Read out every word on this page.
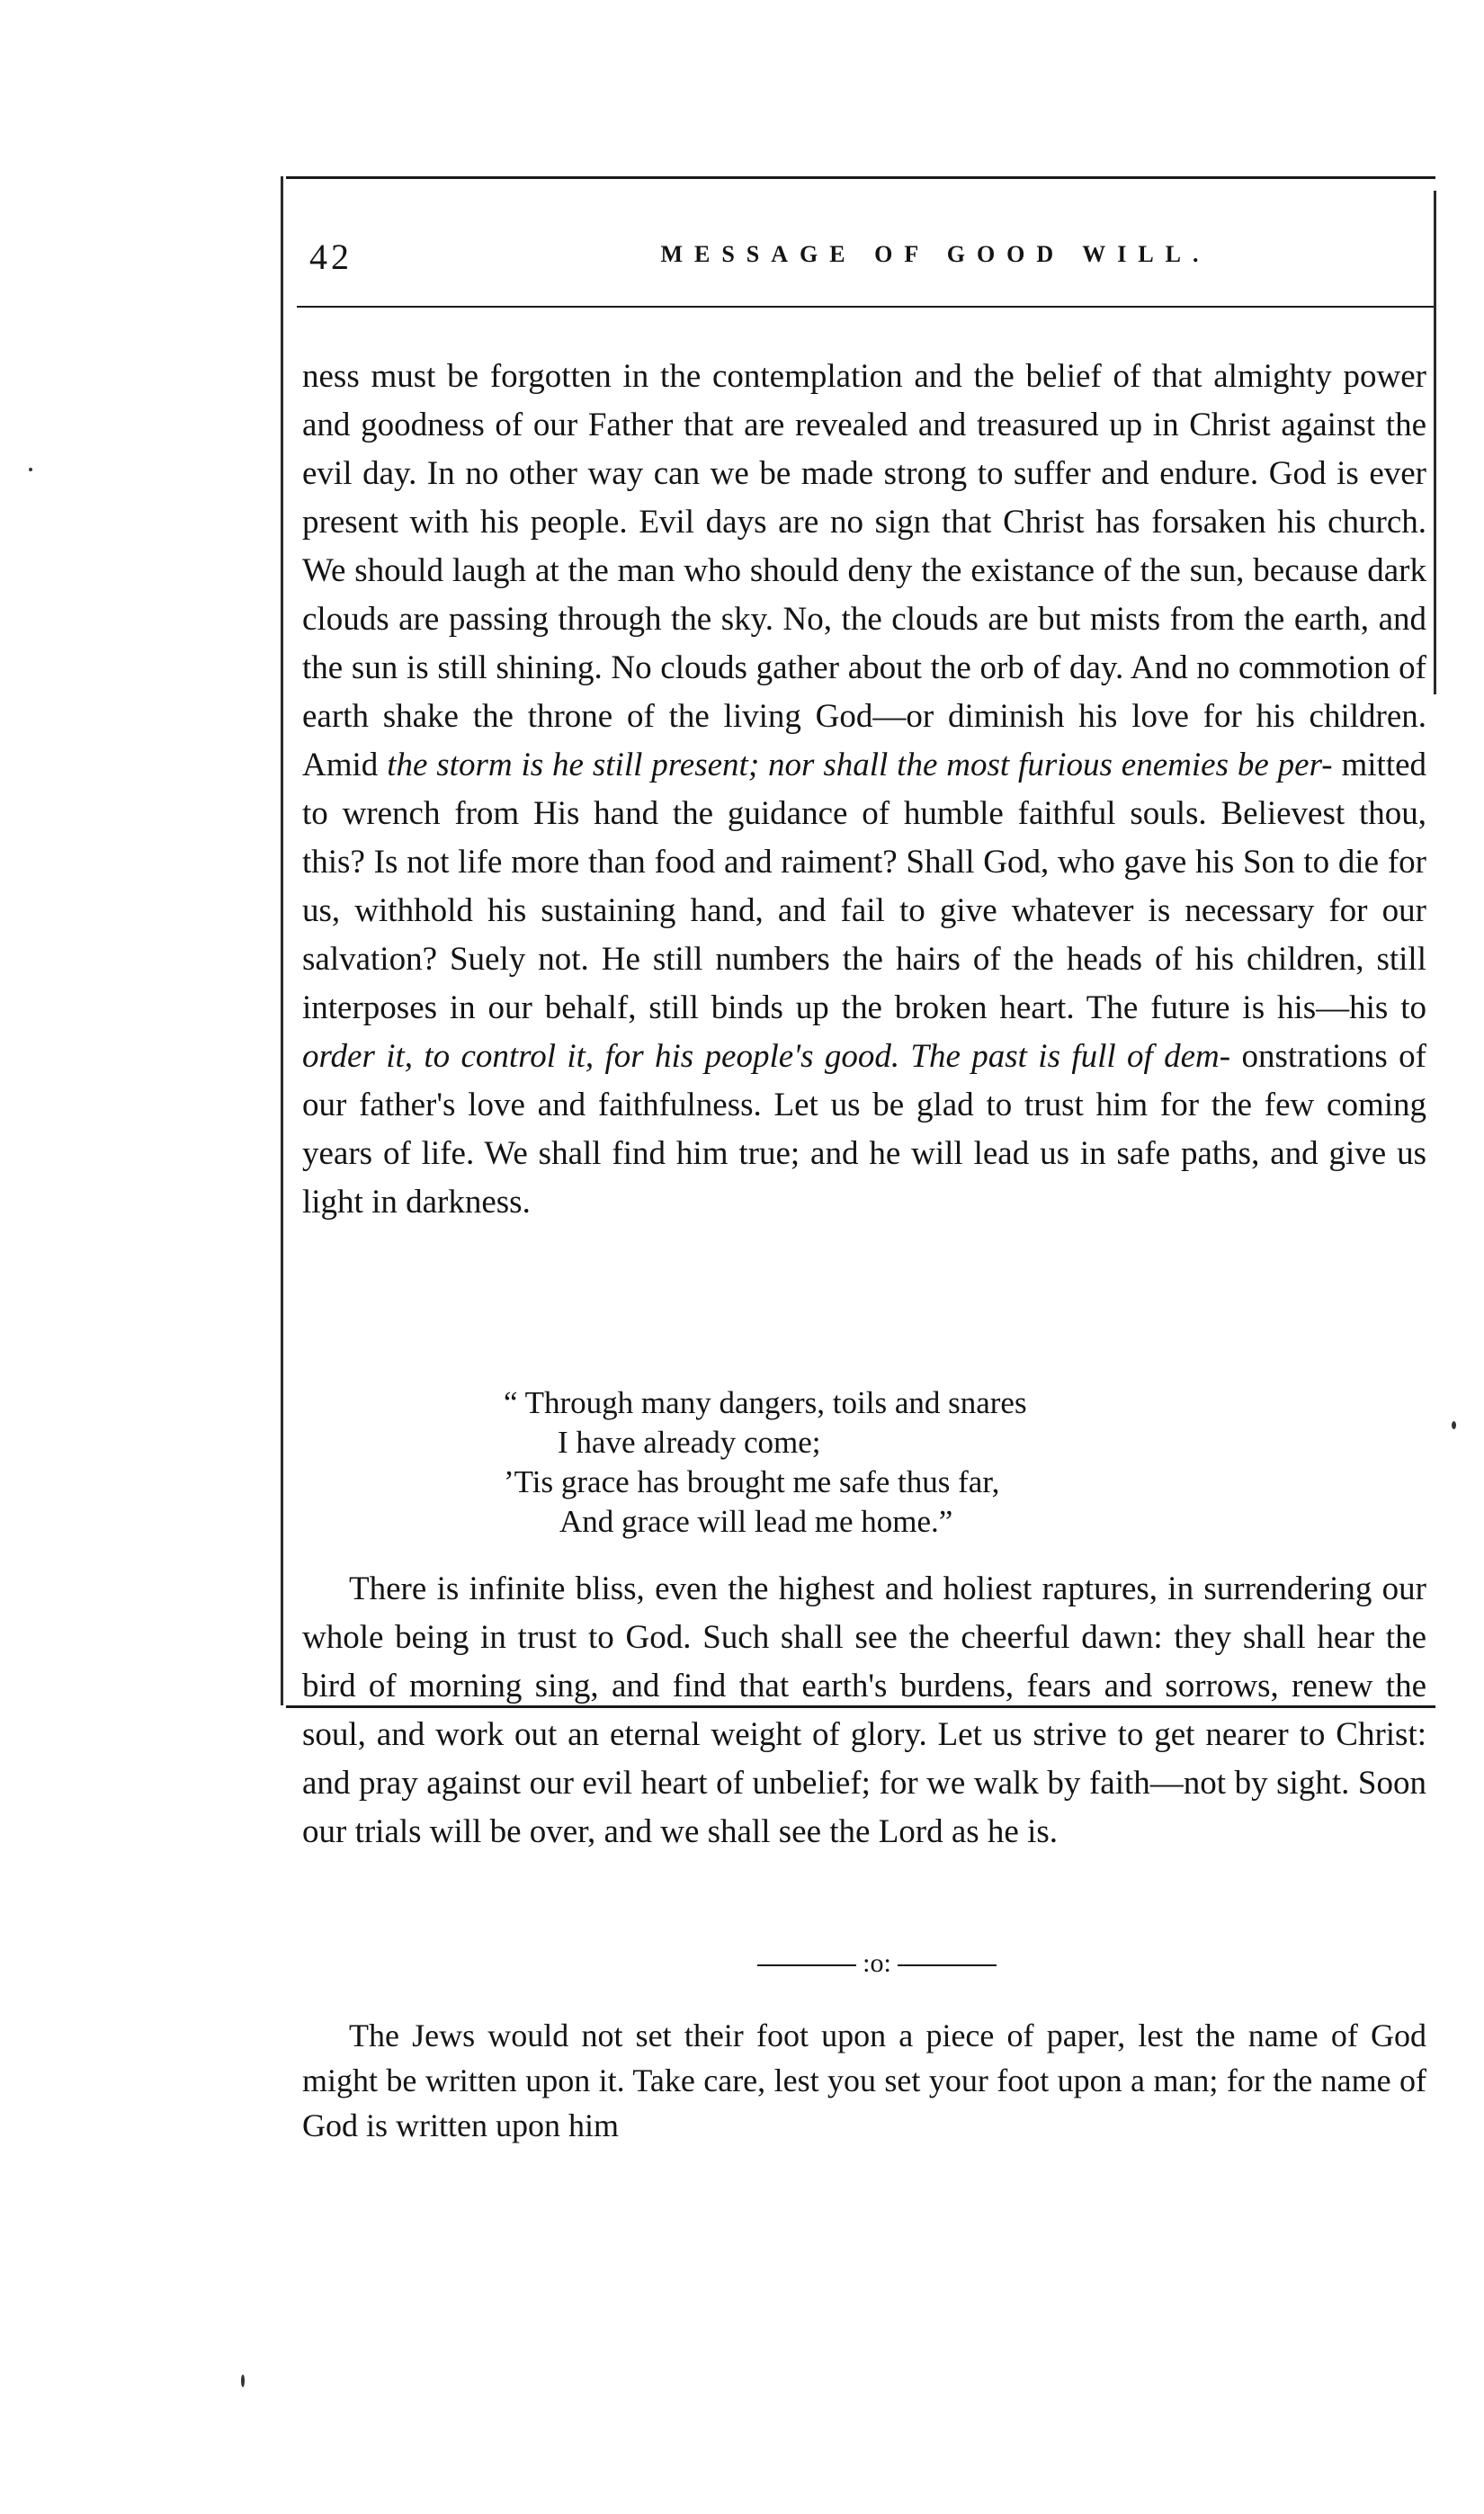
42	MESSAGE OF GOOD WILL.

ness must be forgotten in the contemplation and the belief of that almighty power and goodness of our Father that are revealed and treasured up in Christ against the evil day. In no other way can we be made strong to suffer and endure. God is ever present with his people. Evil days are no sign that Christ has forsaken his church. We should laugh at the man who should deny the existance of the sun, because dark clouds are passing through the sky. No, the clouds are but mists from the earth, and the sun is still shining. No clouds gather about the orb of day. And no commotion of earth shake the throne of the living God—or diminish his love for his children. Amid the storm is he still present; nor shall the most furious enemies be per- mitted to wrench from His hand the guidance of humble faithful souls. Believest thou, this? Is not life more than food and raiment? Shall God, who gave his Son to die for us, withhold his sustaining hand, and fail to give whatever is necessary for our salvation? Suely not. He still numbers the hairs of the heads of his children, still interposes in our behalf, still binds up the broken heart. The future is his—his to order it, to control it, for his people's good. The past is full of dem- onstrations of our father's love and faithfulness. Let us be glad to trust him for the few coming years of life. We shall find him true; and he will lead us in safe paths, and give us light in darkness.

“ Through many dangers, toils and snares
I have already come;
’Tis grace has brought me safe thus far,
And grace will lead me home.”

There is infinite bliss, even the highest and holiest raptures, in surrendering our whole being in trust to God. Such shall see the cheerful dawn: they shall hear the bird of morning sing, and find that earth's burdens, fears and sorrows, renew the soul, and work out an eternal weight of glory. Let us strive to get nearer to Christ: and pray against our evil heart of unbelief; for we walk by faith—not by sight. Soon our trials will be over, and we shall see the Lord as he is.

:o:

The Jews would not set their foot upon a piece of paper, lest the name of God might be written upon it. Take care, lest you set your foot upon a man; for the name of God is written upon him
